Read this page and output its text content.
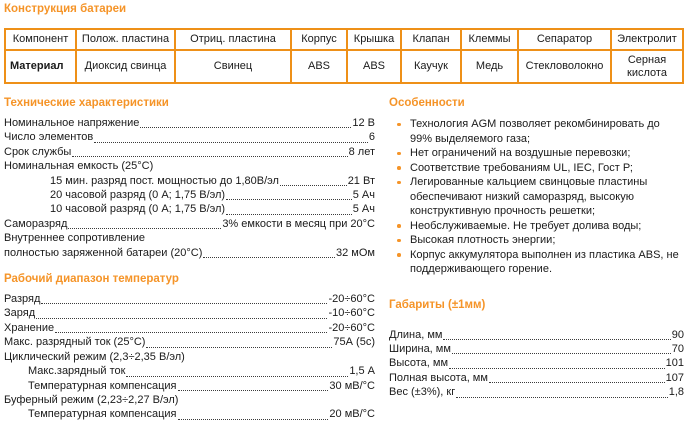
Конструкция батареи
Компонент	Полож. пластина	Отриц. пластина	Корпус	Крышка	Клапан	Клеммы	Сепаратор	Электролит
Материал	Диоксид свинца	Свинец	ABS	ABS	Каучук	Медь	Стекловолокно	Серная кислота
Технические характеристики
Номинальное напряжение	12 В
Число элементов	6
Срок службы	8 лет
Номинальная емкость (25°C)
15 мин. разряд пост. мощностью до 1,80В/эл	21 Вт
20 часовой разряд (0 А; 1,75 В/эл)	5 Ач
10 часовой разряд (0 А; 1,75 В/эл)	5 Ач
Саморазряд	3% емкости в месяц при 20°C
Внутреннее сопротивление
полностью заряженной батареи (20°C)	32 мОм
Рабочий диапазон температур
Разряд	-20÷60°C
Заряд	-10÷60°C
Хранение	-20÷60°C
Макс. разрядный ток (25°C)	75А (5с)
Циклический режим (2,3÷2,35 В/эл)
Макс.зарядный ток	1,5 А
Температурная компенсация	30 мВ/°C
Буферный режим (2,23÷2,27 В/эл)
Температурная компенсация	20 мВ/°C
Особенности
Технология AGM позволяет рекомбинировать до 99% выделяемого газа;
Нет ограничений на воздушные перевозки;
Соответствие требованиям UL, IEC, Гост Р;
Легированные кальцием свинцовые пластины обеспечивают низкий саморазряд, высокую конструктивную прочность решетки;
Необслуживаемые. Не требует долива воды;
Высокая плотность энергии;
Корпус аккумулятора выполнен из пластика ABS, не поддерживающего горение.
Габариты (±1мм)
Длина, мм	90
Ширина, мм	70
Высота, мм	101
Полная высота, мм	107
Вес (±3%), кг	1,8
